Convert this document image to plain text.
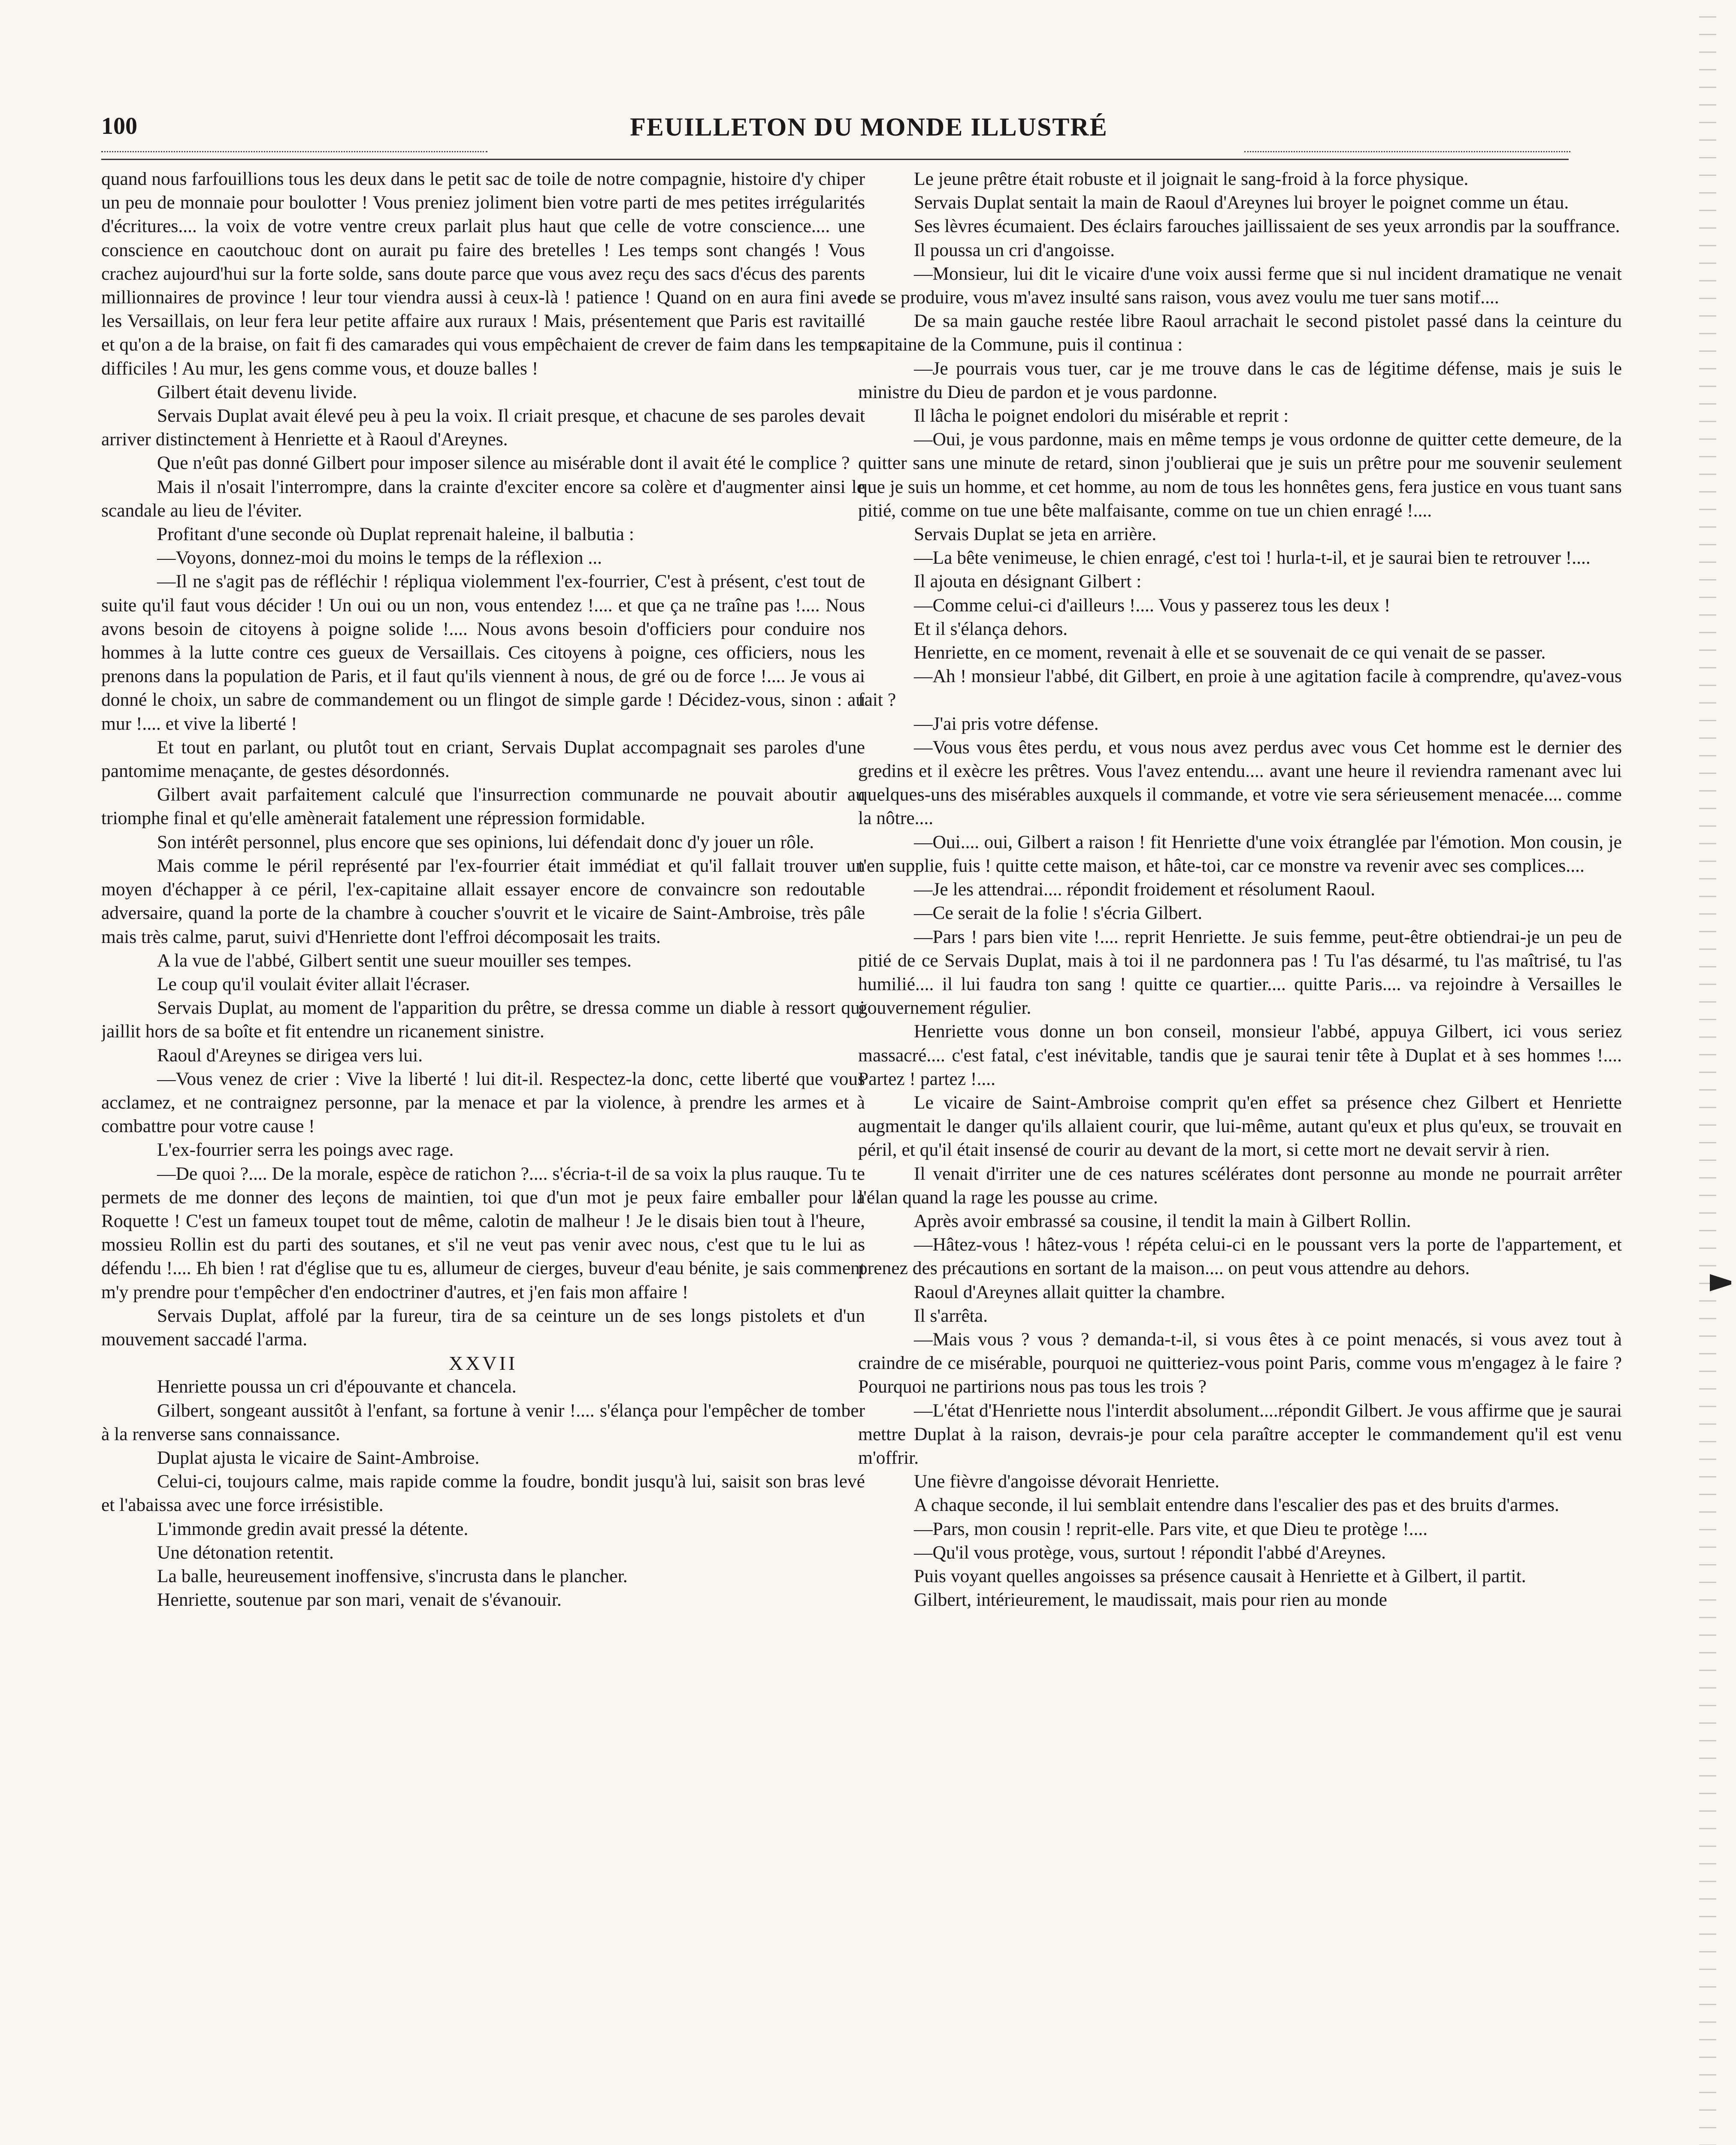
100	FEUILLETON DU MONDE ILLUSTRÉ

quand nous farfouillions tous les deux dans le petit sac de toile de notre compagnie, histoire d'y chiper un peu de monnaie pour boulotter ! Vous preniez joliment bien votre parti de mes petites irrégularités d'écritures.... la voix de votre ventre creux parlait plus haut que celle de votre conscience.... une conscience en caoutchouc dont on aurait pu faire des bretelles ! Les temps sont changés ! Vous crachez aujourd'hui sur la forte solde, sans doute parce que vous avez reçu des sacs d'écus des parents millionnaires de province ! leur tour viendra aussi à ceux-là ! patience ! Quand on en aura fini avec les Versaillais, on leur fera leur petite affaire aux ruraux ! Mais, présentement que Paris est ravitaillé et qu'on a de la braise, on fait fi des camarades qui vous empêchaient de crever de faim dans les temps difficiles ! Au mur, les gens comme vous, et douze balles !

Gilbert était devenu livide.

Servais Duplat avait élevé peu à peu la voix. Il criait presque, et chacune de ses paroles devait arriver distinctement à Henriette et à Raoul d'Areynes.

Que n'eût pas donné Gilbert pour imposer silence au misérable dont il avait été le complice ?

Mais il n'osait l'interrompre, dans la crainte d'exciter encore sa colère et d'augmenter ainsi le scandale au lieu de l'éviter.

Profitant d'une seconde où Duplat reprenait haleine, il balbutia :

—Voyons, donnez-moi du moins le temps de la réflexion ...

—Il ne s'agit pas de réfléchir ! répliqua violemment l'ex-fourrier, C'est à présent, c'est tout de suite qu'il faut vous décider ! Un oui ou un non, vous entendez !.... et que ça ne traîne pas !.... Nous avons besoin de citoyens à poigne solide !.... Nous avons besoin d'officiers pour conduire nos hommes à la lutte contre ces gueux de Versaillais. Ces citoyens à poigne, ces officiers, nous les prenons dans la population de Paris, et il faut qu'ils viennent à nous, de gré ou de force !.... Je vous ai donné le choix, un sabre de commandement ou un flingot de simple garde ! Décidez-vous, sinon : au mur !.... et vive la liberté !

Et tout en parlant, ou plutôt tout en criant, Servais Duplat accompagnait ses paroles d'une pantomime menaçante, de gestes désordonnés.

Gilbert avait parfaitement calculé que l'insurrection communarde ne pouvait aboutir au triomphe final et qu'elle amènerait fatalement une répression formidable.

Son intérêt personnel, plus encore que ses opinions, lui défendait donc d'y jouer un rôle.

Mais comme le péril représenté par l'ex-fourrier était immédiat et qu'il fallait trouver un moyen d'échapper à ce péril, l'ex-capitaine allait essayer encore de convaincre son redoutable adversaire, quand la porte de la chambre à coucher s'ouvrit et le vicaire de Saint-Ambroise, très pâle mais très calme, parut, suivi d'Henriette dont l'effroi décomposait les traits.

A la vue de l'abbé, Gilbert sentit une sueur mouiller ses tempes.

Le coup qu'il voulait éviter allait l'écraser.

Servais Duplat, au moment de l'apparition du prêtre, se dressa comme un diable à ressort qui jaillit hors de sa boîte et fit entendre un ricanement sinistre.

Raoul d'Areynes se dirigea vers lui.

—Vous venez de crier : Vive la liberté ! lui dit-il. Respectez-la donc, cette liberté que vous acclamez, et ne contraignez personne, par la menace et par la violence, à prendre les armes et à combattre pour votre cause !

L'ex-fourrier serra les poings avec rage.

—De quoi ?.... De la morale, espèce de ratichon ?.... s'écria-t-il de sa voix la plus rauque. Tu te permets de me donner des leçons de maintien, toi que d'un mot je peux faire emballer pour la Roquette ! C'est un fameux toupet tout de même, calotin de malheur ! Je le disais bien tout à l'heure, mossieu Rollin est du parti des soutanes, et s'il ne veut pas venir avec nous, c'est que tu le lui as défendu !.... Eh bien ! rat d'église que tu es, allumeur de cierges, buveur d'eau bénite, je sais comment m'y prendre pour t'empêcher d'en endoctriner d'autres, et j'en fais mon affaire !

Servais Duplat, affolé par la fureur, tira de sa ceinture un de ses longs pistolets et d'un mouvement saccadé l'arma.

XXVII

Henriette poussa un cri d'épouvante et chancela.

Gilbert, songeant aussitôt à l'enfant, sa fortune à venir !.... s'élança pour l'empêcher de tomber à la renverse sans connaissance.

Duplat ajusta le vicaire de Saint-Ambroise.

Celui-ci, toujours calme, mais rapide comme la foudre, bondit jusqu'à lui, saisit son bras levé et l'abaissa avec une force irrésistible.

L'immonde gredin avait pressé la détente.

Une détonation retentit.

La balle, heureusement inoffensive, s'incrusta dans le plancher.

Henriette, soutenue par son mari, venait de s'évanouir.

Le jeune prêtre était robuste et il joignait le sang-froid à la force physique.

Servais Duplat sentait la main de Raoul d'Areynes lui broyer le poignet comme un étau.

Ses lèvres écumaient. Des éclairs farouches jaillissaient de ses yeux arrondis par la souffrance.

Il poussa un cri d'angoisse.

—Monsieur, lui dit le vicaire d'une voix aussi ferme que si nul incident dramatique ne venait de se produire, vous m'avez insulté sans raison, vous avez voulu me tuer sans motif....

De sa main gauche restée libre Raoul arrachait le second pistolet passé dans la ceinture du capitaine de la Commune, puis il continua :

—Je pourrais vous tuer, car je me trouve dans le cas de légitime défense, mais je suis le ministre du Dieu de pardon et je vous pardonne.

Il lâcha le poignet endolori du misérable et reprit :

—Oui, je vous pardonne, mais en même temps je vous ordonne de quitter cette demeure, de la quitter sans une minute de retard, sinon j'oublierai que je suis un prêtre pour me souvenir seulement que je suis un homme, et cet homme, au nom de tous les honnêtes gens, fera justice en vous tuant sans pitié, comme on tue une bête malfaisante, comme on tue un chien enragé !....

Servais Duplat se jeta en arrière.

—La bête venimeuse, le chien enragé, c'est toi ! hurla-t-il, et je saurai bien te retrouver !....

Il ajouta en désignant Gilbert :

—Comme celui-ci d'ailleurs !.... Vous y passerez tous les deux !

Et il s'élança dehors.

Henriette, en ce moment, revenait à elle et se souvenait de ce qui venait de se passer.

—Ah ! monsieur l'abbé, dit Gilbert, en proie à une agitation facile à comprendre, qu'avez-vous fait ?

—J'ai pris votre défense.

—Vous vous êtes perdu, et vous nous avez perdus avec vous Cet homme est le dernier des gredins et il exècre les prêtres. Vous l'avez entendu.... avant une heure il reviendra ramenant avec lui quelques-uns des misérables auxquels il commande, et votre vie sera sérieusement menacée.... comme la nôtre....

—Oui.... oui, Gilbert a raison ! fit Henriette d'une voix étranglée par l'émotion. Mon cousin, je t'en supplie, fuis ! quitte cette maison, et hâte-toi, car ce monstre va revenir avec ses complices....

—Je les attendrai.... répondit froidement et résolument Raoul.

—Ce serait de la folie ! s'écria Gilbert.

—Pars ! pars bien vite !.... reprit Henriette. Je suis femme, peut-être obtiendrai-je un peu de pitié de ce Servais Duplat, mais à toi il ne pardonnera pas ! Tu l'as désarmé, tu l'as maîtrisé, tu l'as humilié.... il lui faudra ton sang ! quitte ce quartier.... quitte Paris.... va rejoindre à Versailles le gouvernement régulier.

Henriette vous donne un bon conseil, monsieur l'abbé, appuya Gilbert, ici vous seriez massacré.... c'est fatal, c'est inévitable, tandis que je saurai tenir tête à Duplat et à ses hommes !.... Partez ! partez !....

Le vicaire de Saint-Ambroise comprit qu'en effet sa présence chez Gilbert et Henriette augmentait le danger qu'ils allaient courir, que lui-même, autant qu'eux et plus qu'eux, se trouvait en péril, et qu'il était insensé de courir au devant de la mort, si cette mort ne devait servir à rien.

Il venait d'irriter une de ces natures scélérates dont personne au monde ne pourrait arrêter l'élan quand la rage les pousse au crime.

Après avoir embrassé sa cousine, il tendit la main à Gilbert Rollin.

—Hâtez-vous ! hâtez-vous ! répéta celui-ci en le poussant vers la porte de l'appartement, et prenez des précautions en sortant de la maison.... on peut vous attendre au dehors.

Raoul d'Areynes allait quitter la chambre.

Il s'arrêta.

—Mais vous ? vous ? demanda-t-il, si vous êtes à ce point menacés, si vous avez tout à craindre de ce misérable, pourquoi ne quitteriez-vous point Paris, comme vous m'engagez à le faire ? Pourquoi ne partirions nous pas tous les trois ?

—L'état d'Henriette nous l'interdit absolument....répondit Gilbert. Je vous affirme que je saurai mettre Duplat à la raison, devrais-je pour cela paraître accepter le commandement qu'il est venu m'offrir.

Une fièvre d'angoisse dévorait Henriette.

A chaque seconde, il lui semblait entendre dans l'escalier des pas et des bruits d'armes.

—Pars, mon cousin ! reprit-elle. Pars vite, et que Dieu te protège !....

—Qu'il vous protège, vous, surtout ! répondit l'abbé d'Areynes.

Puis voyant quelles angoisses sa présence causait à Henriette et à Gilbert, il partit.

Gilbert, intérieurement, le maudissait, mais pour rien au monde
